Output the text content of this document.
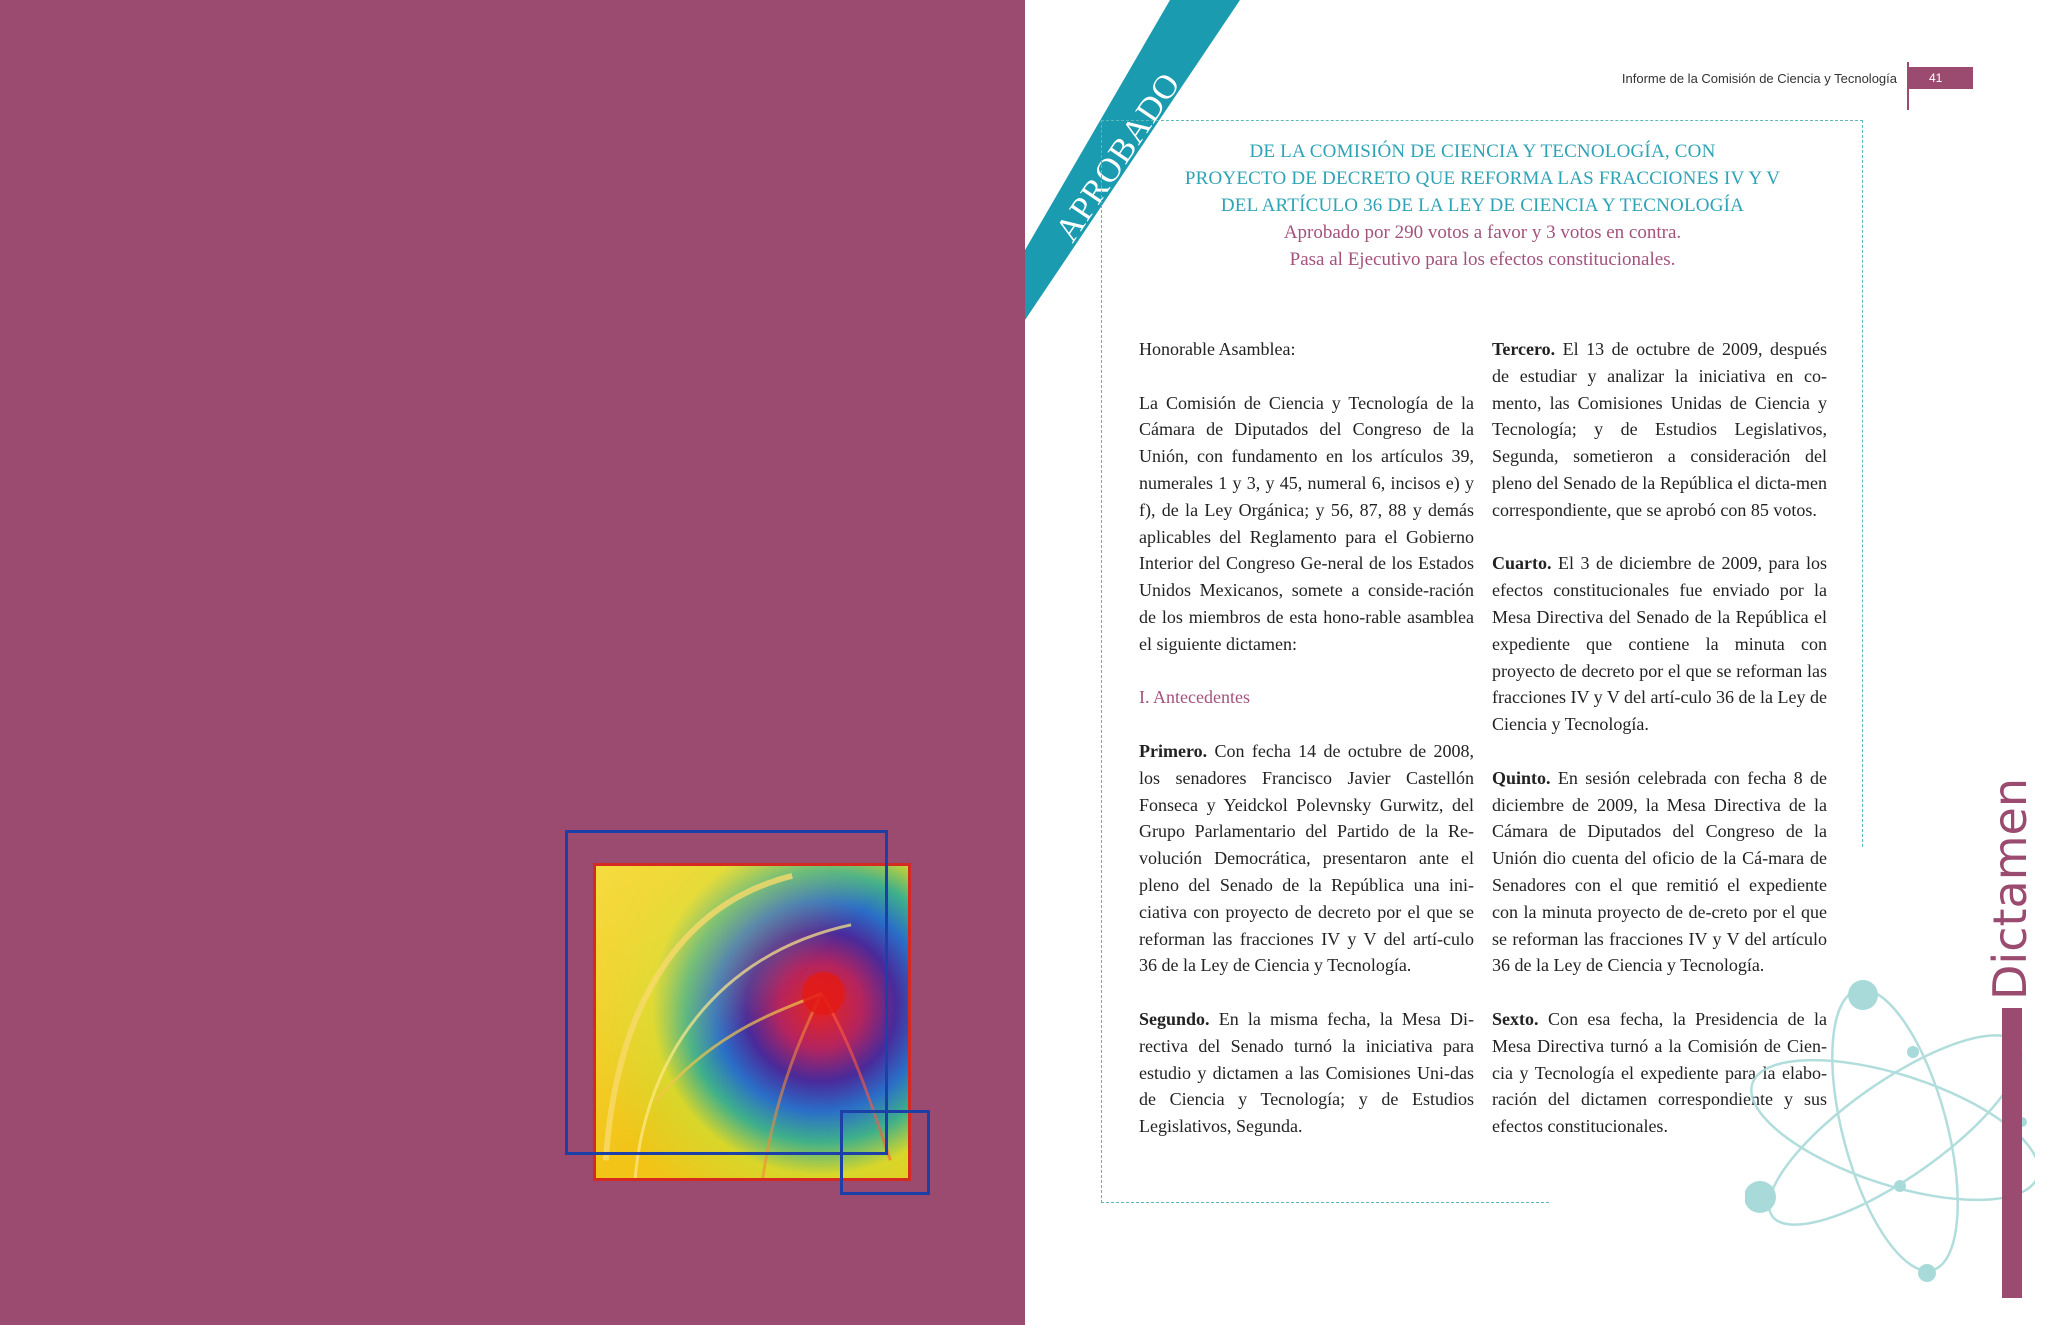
APROBADO	Informe de la Comisión de Ciencia y Tecnología	41
DE LA COMISIÓN DE CIENCIA Y TECNOLOGÍA, CON
PROYECTO DE DECRETO QUE REFORMA LAS FRACCIONES IV Y V
DEL ARTÍCULO 36 DE LA LEY DE CIENCIA Y TECNOLOGÍA
Aprobado por 290 votos a favor y 3 votos en contra.
Pasa al Ejecutivo para los efectos constitucionales.

Honorable Asamblea:

La Comisión de Ciencia y Tecnología de la Cámara de Diputados del Congreso de la Unión, con fundamento en los artículos 39, numerales 1 y 3, y 45, numeral 6, incisos e) y f), de la Ley Orgánica; y 56, 87, 88 y demás aplicables del Reglamento para el Gobierno Interior del Congreso Ge-neral de los Estados Unidos Mexicanos, somete a conside-ración de los miembros de esta hono-rable asamblea el siguiente dictamen:

I. Antecedentes

Primero. Con fecha 14 de octubre de 2008, los senadores Francisco Javier Castellón Fonseca y Yeidckol Polevnsky Gurwitz, del Grupo Parlamentario del Partido de la Re-volución Democrática, presentaron ante el pleno del Senado de la República una ini-ciativa con proyecto de decreto por el que se reforman las fracciones IV y V del artí-culo 36 de la Ley de Ciencia y Tecnología.

Segundo. En la misma fecha, la Mesa Di-rectiva del Senado turnó la iniciativa para estudio y dictamen a las Comisiones Uni-das de Ciencia y Tecnología; y de Estudios Legislativos, Segunda.

Tercero. El 13 de octubre de 2009, después de estudiar y analizar la iniciativa en co-mento, las Comisiones Unidas de Ciencia y Tecnología; y de Estudios Legislativos, Segunda, sometieron a consideración del pleno del Senado de la República el dicta-men correspondiente, que se aprobó con 85 votos.

Cuarto. El 3 de diciembre de 2009, para los efectos constitucionales fue enviado por la Mesa Directiva del Senado de la República el expediente que contiene la minuta con proyecto de decreto por el que se reforman las fracciones IV y V del artí-culo 36 de la Ley de Ciencia y Tecnología.

Quinto. En sesión celebrada con fecha 8 de diciembre de 2009, la Mesa Directiva de la Cámara de Diputados del Congreso de la Unión dio cuenta del oficio de la Cá-mara de Senadores con el que remitió el expediente con la minuta proyecto de de-creto por el que se reforman las fracciones IV y V del artículo 36 de la Ley de Ciencia y Tecnología.

Sexto. Con esa fecha, la Presidencia de la Mesa Directiva turnó a la Comisión de Cien-cia y Tecnología el expediente para la elabo-ración del dictamen correspondiente y sus efectos constitucionales.

Dictamen
